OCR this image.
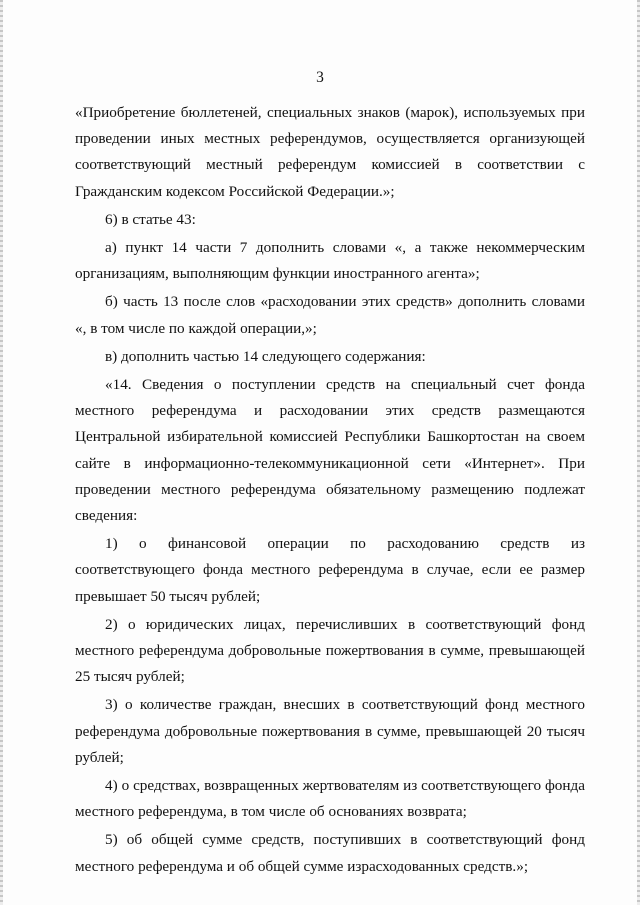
3

«Приобретение бюллетеней, специальных знаков (марок), используемых при проведении иных местных референдумов, осуществляется организующей соответствующий местный референдум комиссией в соответствии с Гражданским кодексом Российской Федерации.»;

6) в статье 43:

а) пункт 14 части 7 дополнить словами «, а также некоммерческим организациям, выполняющим функции иностранного агента»;

б) часть 13 после слов «расходовании этих средств» дополнить словами «, в том числе по каждой операции,»;

в) дополнить частью 14 следующего содержания:

«14. Сведения о поступлении средств на специальный счет фонда местного референдума и расходовании этих средств размещаются Центральной избирательной комиссией Республики Башкортостан на своем сайте в информационно-телекоммуникационной сети «Интернет». При проведении местного референдума обязательному размещению подлежат сведения:

1) о финансовой операции по расходованию средств из соответствующего фонда местного референдума в случае, если ее размер превышает 50 тысяч рублей;

2) о юридических лицах, перечисливших в соответствующий фонд местного референдума добровольные пожертвования в сумме, превышающей 25 тысяч рублей;

3) о количестве граждан, внесших в соответствующий фонд местного референдума добровольные пожертвования в сумме, превышающей 20 тысяч рублей;

4) о средствах, возвращенных жертвователям из соответствующего фонда местного референдума, в том числе об основаниях возврата;

5) об общей сумме средств, поступивших в соответствующий фонд местного референдума и об общей сумме израсходованных средств.»;
